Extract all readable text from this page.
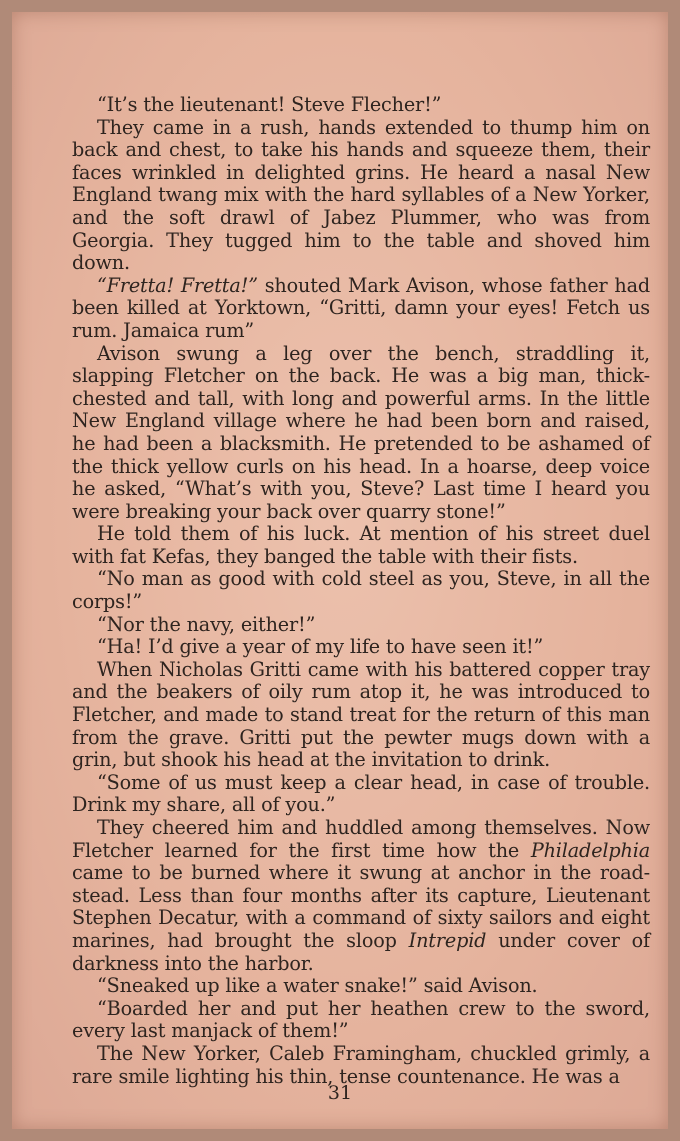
“It’s the lieutenant! Steve Flecher!”

They came in a rush, hands extended to thump him on back and chest, to take his hands and squeeze them, their faces wrinkled in delighted grins. He heard a nasal New England twang mix with the hard syllables of a New Yorker, and the soft drawl of Jabez Plummer, who was from Georgia. They tugged him to the table and shoved him down.

“Fretta! Fretta!” shouted Mark Avison, whose father had been killed at Yorktown, “Gritti, damn your eyes! Fetch us rum. Jamaica rum”

Avison swung a leg over the bench, straddling it, slapping Fletcher on the back. He was a big man, thick-chested and tall, with long and powerful arms. In the little New England village where he had been born and raised, he had been a blacksmith. He pretended to be ashamed of the thick yellow curls on his head. In a hoarse, deep voice he asked, “What’s with you, Steve? Last time I heard you were breaking your back over quarry stone!”

He told them of his luck. At mention of his street duel with fat Kefas, they banged the table with their fists.

“No man as good with cold steel as you, Steve, in all the corps!”

“Nor the navy, either!”

“Ha! I’d give a year of my life to have seen it!”

When Nicholas Gritti came with his battered copper tray and the beakers of oily rum atop it, he was introduced to Fletcher, and made to stand treat for the return of this man from the grave. Gritti put the pewter mugs down with a grin, but shook his head at the invitation to drink.

“Some of us must keep a clear head, in case of trouble. Drink my share, all of you.”

They cheered him and huddled among themselves. Now Fletcher learned for the first time how the Philadelphia came to be burned where it swung at anchor in the road-stead. Less than four months after its capture, Lieutenant Stephen Decatur, with a command of sixty sailors and eight marines, had brought the sloop Intrepid under cover of darkness into the harbor.

“Sneaked up like a water snake!” said Avison.

“Boarded her and put her heathen crew to the sword, every last manjack of them!”

The New Yorker, Caleb Framingham, chuckled grimly, a rare smile lighting his thin, tense countenance. He was a

31
